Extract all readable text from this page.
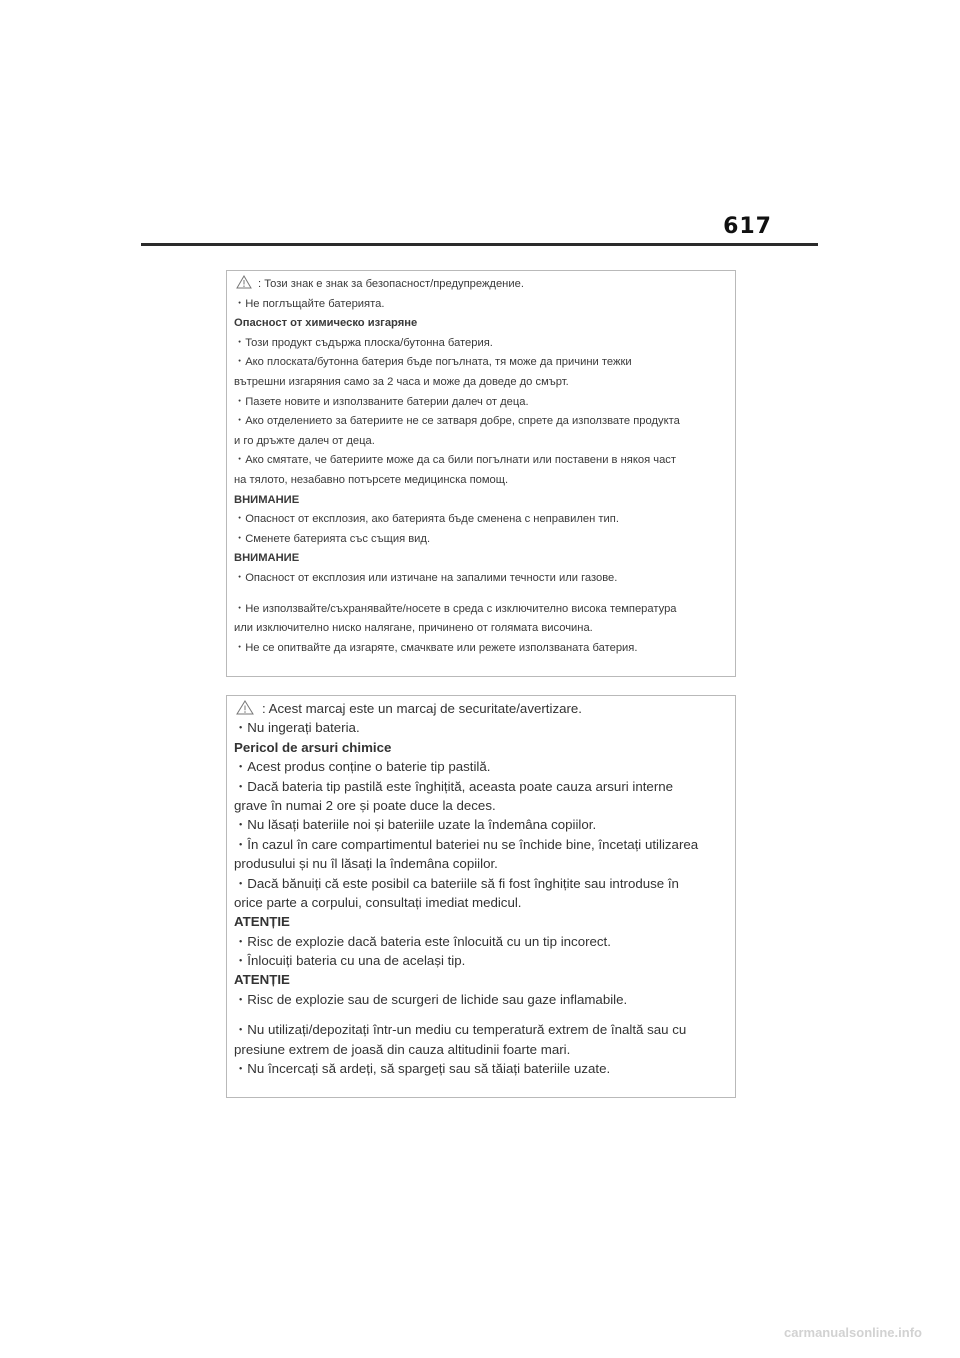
617
: Този знак е знак за безопасност/предупреждение.
・Не поглъщайте батерията.
Опасност от химическо изгаряне
・Този продукт съдържа плоска/бутонна батерия.
・Ако плоската/бутонна батерия бъде погълната, тя може да причини тежки
вътрешни изгаряния само за 2 часа и може да доведе до смърт.
・Пазете новите и използваните батерии далеч от деца.
・Ако отделението за батериите не се затваря добре, спрете да използвате продукта
и го дръжте далеч от деца.
・Ако смятате, че батериите може да са били погълнати или поставени в някоя част
на тялото, незабавно потърсете медицинска помощ.
ВНИМАНИЕ
・Опасност от експлозия, ако батерията бъде сменена с неправилен тип.
・Сменете батерията със същия вид.
ВНИМАНИЕ
・Опасност от експлозия или изтичане на запалими течности или газове.
・Не използвайте/съхранявайте/носете в среда с изключително висока температура
или изключително ниско налягане, причинено от голямата височина.
・Не се опитвайте да изгаряте, смачквате или режете използваната батерия.
: Acest marcaj este un marcaj de securitate/avertizare.
・Nu ingerați bateria.
Pericol de arsuri chimice
・Acest produs conține o baterie tip pastilă.
・Dacă bateria tip pastilă este înghițită, aceasta poate cauza arsuri interne
grave în numai 2 ore și poate duce la deces.
・Nu lăsați bateriile noi și bateriile uzate la îndemâna copiilor.
・În cazul în care compartimentul bateriei nu se închide bine, încetați utilizarea
produsului și nu îl lăsați la îndemâna copiilor.
・Dacă bănuiți că este posibil ca bateriile să fi fost înghițite sau introduse în
orice parte a corpului, consultați imediat medicul.
ATENȚIE
・Risc de explozie dacă bateria este înlocuită cu un tip incorect.
・Înlocuiți bateria cu una de același tip.
ATENȚIE
・Risc de explozie sau de scurgeri de lichide sau gaze inflamabile.
・Nu utilizați/depozitați într-un mediu cu temperatură extrem de înaltă sau cu
presiune extrem de joasă din cauza altitudinii foarte mari.
・Nu încercați să ardeți, să spargeți sau să tăiați bateriile uzate.
carmanualsonline.info
